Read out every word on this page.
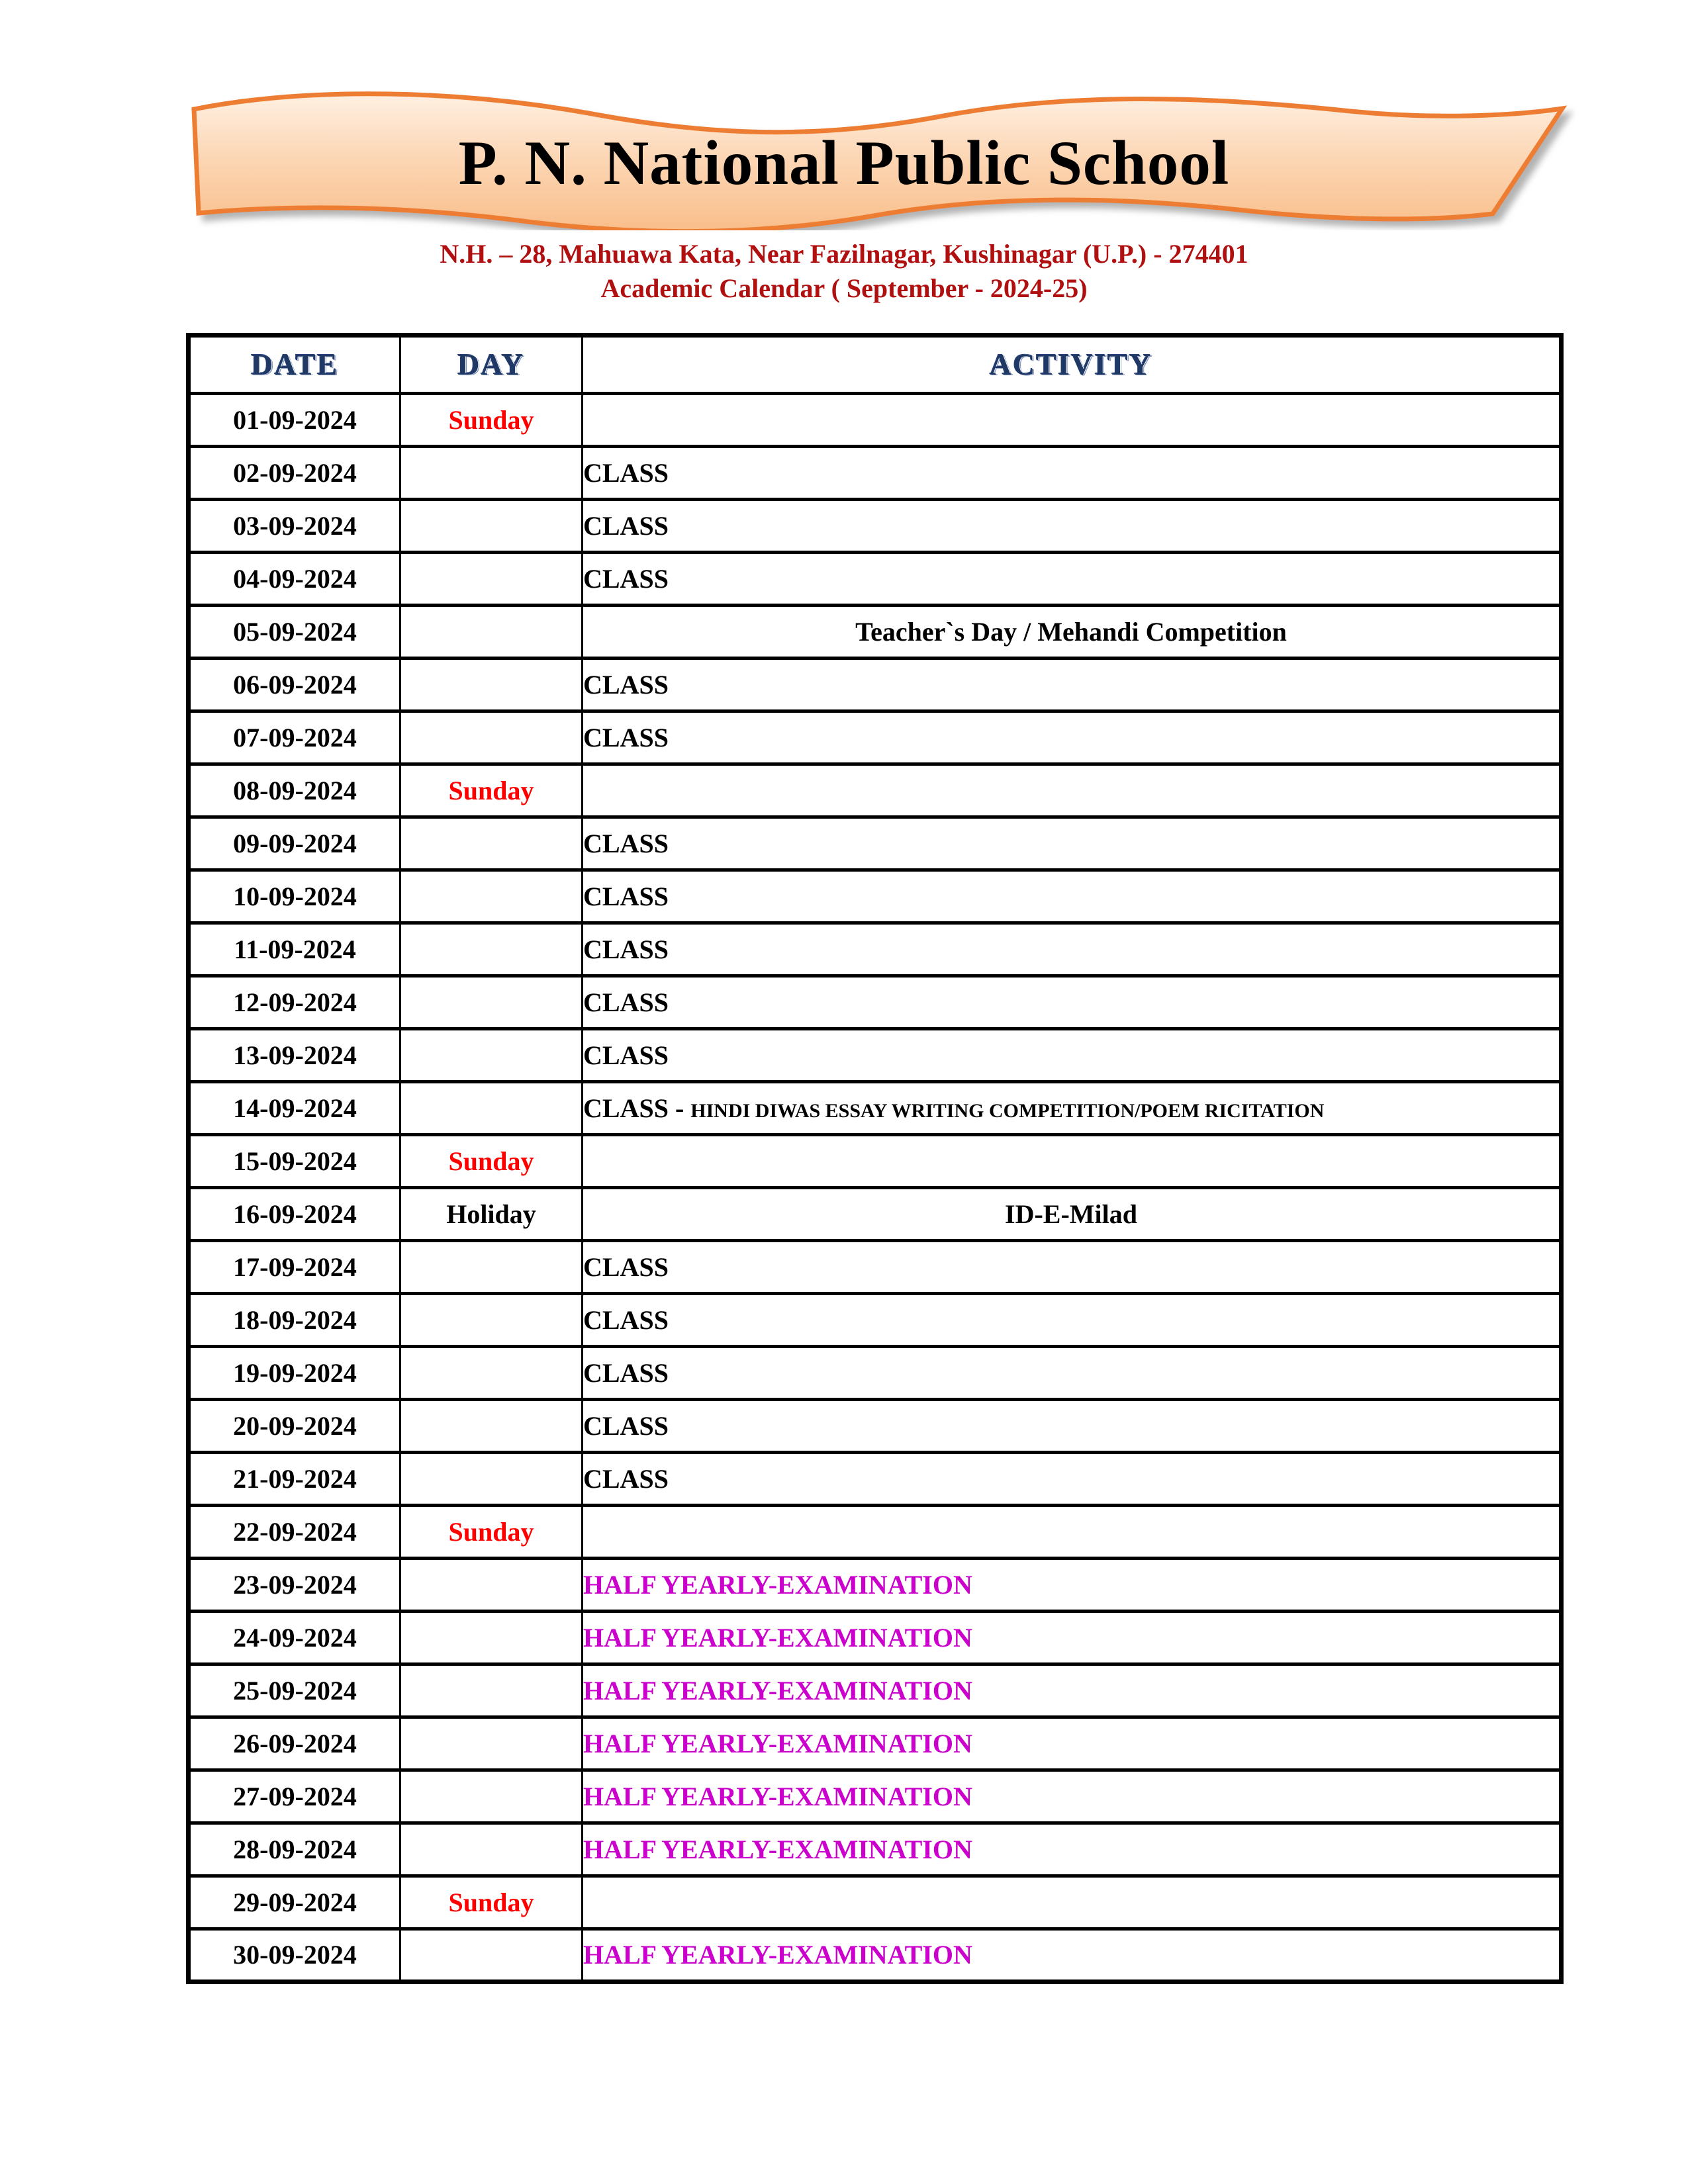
P. N. National Public School
N.H. – 28, Mahuawa Kata, Near Fazilnagar, Kushinagar (U.P.) - 274401
Academic Calendar ( September - 2024-25)
DATE	DAY	ACTIVITY
01-09-2024	Sunday	
02-09-2024		CLASS
03-09-2024		CLASS
04-09-2024		CLASS
05-09-2024		Teacher`s Day / Mehandi Competition
06-09-2024		CLASS
07-09-2024		CLASS
08-09-2024	Sunday	
09-09-2024		CLASS
10-09-2024		CLASS
11-09-2024		CLASS
12-09-2024		CLASS
13-09-2024		CLASS
14-09-2024		CLASS - HINDI DIWAS ESSAY WRITING COMPETITION/POEM RICITATION
15-09-2024	Sunday	
16-09-2024	Holiday	ID-E-Milad
17-09-2024		CLASS
18-09-2024		CLASS
19-09-2024		CLASS
20-09-2024		CLASS
21-09-2024		CLASS
22-09-2024	Sunday	
23-09-2024		HALF YEARLY-EXAMINATION
24-09-2024		HALF YEARLY-EXAMINATION
25-09-2024		HALF YEARLY-EXAMINATION
26-09-2024		HALF YEARLY-EXAMINATION
27-09-2024		HALF YEARLY-EXAMINATION
28-09-2024		HALF YEARLY-EXAMINATION
29-09-2024	Sunday	
30-09-2024		HALF YEARLY-EXAMINATION
